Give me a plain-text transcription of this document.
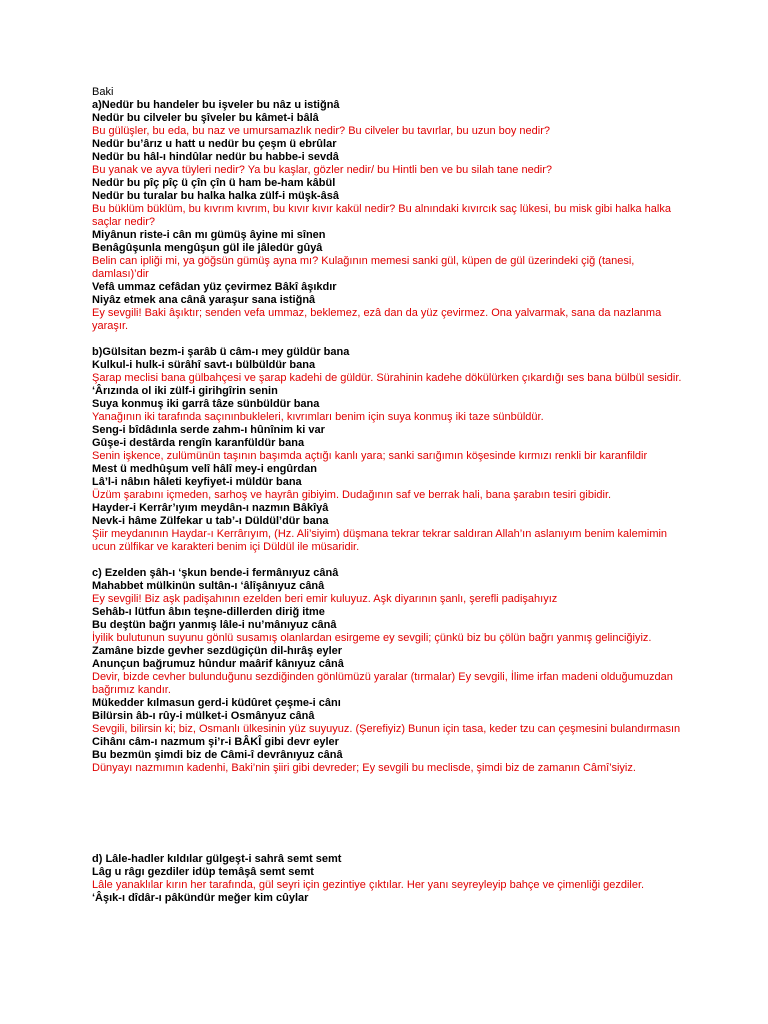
Baki
a)Nedür bu handeler bu işveler bu nâz u istiğnâ
Nedür bu cilveler bu şîveler bu kâmet-i bâlâ
Bu gülüşler, bu eda, bu naz ve umursamazlık nedir? Bu cilveler bu tavırlar, bu uzun boy nedir?
Nedür bu’ârız u hatt u nedür bu çeşm ü ebrûlar
Nedür bu hâl-ı hindûlar nedür bu habbe-i sevdâ
Bu yanak ve ayva tüyleri nedir? Ya bu kaşlar, gözler nedir/ bu Hintli ben ve bu silah tane nedir?
Nedür bu pîç pîç ü çîn çîn ü ham be-ham kâbül
Nedür bu turalar bu halka halka zülf-i müşk-âsâ
Bu büklüm büklüm, bu kıvrım kıvrım, bu kıvır kıvır kakül nedir? Bu alnındaki kıvırcık saç lükesi, bu misk gibi halka halka saçlar nedir?
Miyânun riste-i cân mı gümüş âyine mi sînen
Benâgûşunla mengûşun gül ile jâledür gûyâ
Belin can ipliği mi, ya göğsün gümüş ayna mı? Kulağının memesi sanki gül, küpen de gül üzerindeki çiğ (tanesi, damlası)’dir
Vefâ ummaz cefâdan yüz çevirmez Bâkî âşıkdır
Niyâz etmek ana cânâ yaraşur sana istiğnâ
Ey sevgili! Baki âşıktır; senden vefa ummaz, beklemez, ezâ dan da yüz çevirmez. Ona yalvarmak, sana da nazlanma yaraşır.
b)Gülsitan bezm-i şarâb ü câm-ı mey güldür bana
Kulkul-i hulk-i sürâhî savt-ı bülbüldür bana
Şarap meclisi bana gülbahçesi ve şarap kadehi de güldür. Sürahinin kadehe dökülürken çıkardığı ses bana bülbül sesidir.
‘Ârızında ol iki zülf-i girihgîrin senin
Suya konmuş iki garrâ tâze sünbüldür bana
Yanağının iki tarafında saçınınbukleleri, kıvrımları benim için suya konmuş iki taze sünbüldür.
Seng-i bîdâdınla serde zahm-ı hûnînim ki var
Gûşe-i destârda rengîn karanfüldür bana
Senin işkence, zulümünün taşının başımda açtığı kanlı yara; sanki sarığımın köşesinde kırmızı renkli bir karanfildir
Mest ü medhûşum velî hâlî mey-i engûrdan
Lâ’l-i nâbın hâleti keyfiyet-i müldür bana
Üzüm şarabını içmeden, sarhoş ve hayrân gibiyim. Dudağının saf ve berrak hali, bana şarabın tesiri gibidir.
Hayder-i Kerrâr’ıyım meydân-ı nazmın Bâkîyâ
Nevk-i hâme Zülfekar u tab’-ı Düldül’dür bana
Şiir meydanının Haydar-ı Kerrârıyım, (Hz. Ali’siyim) düşmana tekrar tekrar saldıran Allah’ın aslanıyım benim kalemimin ucun zülfikar ve karakteri benim içi Düldül ile müsaridir.
c) Ezelden şâh-ı ‘şkun bende-i fermânıyuz cânâ
Mahabbet mülkinün sultân-ı ‘âlîşânıyuz cânâ
Ey sevgili! Biz aşk padişahının ezelden beri emir kuluyuz. Aşk diyarının şanlı, şerefli padişahıyız
Sehâb-ı lütfun âbın teşne-dillerden diriğ itme
Bu deştün bağrı yanmış lâle-i nu’mânıyuz cânâ
İyilik bulutunun suyunu gönlü susamış olanlardan esirgeme ey sevgili; çünkü biz bu çölün bağrı yanmış gelinciğiyiz.
Zamâne bizde gevher sezdügiçün dil-hırâş eyler
Anunçun bağrumuz hûndur maârif kânıyuz cânâ
Devir, bizde cevher bulunduğunu sezdiğinden gönlümüzü yaralar (tırmalar) Ey sevgili, İlime irfan madeni olduğumuzdan bağrımız kandır.
Mükedder kılmasun gerd-i küdûret çeşme-i cânı
Bilürsin âb-ı rûy-i mülket-i Osmânyuz cânâ
Sevgili, bilirsin ki; biz, Osmanlı ülkesinin yüz suyuyuz. (Şerefiyiz) Bunun için tasa, keder tzu can çeşmesini bulandırmasın
Cihânı câm-ı nazmum şi’r-i BÂKÎ gibi devr eyler
Bu bezmün şimdi biz de Câmi-î devrânıyuz cânâ
Dünyayı nazmımın kadenhi, Baki’nin şiiri gibi devreder; Ey sevgili bu meclisde, şimdi biz de zamanın Câmî’siyiz.
d) Lâle-hadler kıldılar gülgeşt-i sahrâ semt semt
Lâg u râgı gezdiler idüp temâşâ semt semt
Lâle yanaklılar kırın her tarafında, gül seyri için gezintiye çıktılar. Her yanı seyreyleyip bahçe ve çimenliği gezdiler.
‘Âşık-ı dîdâr-ı pâkündür meğer kim cûylar
